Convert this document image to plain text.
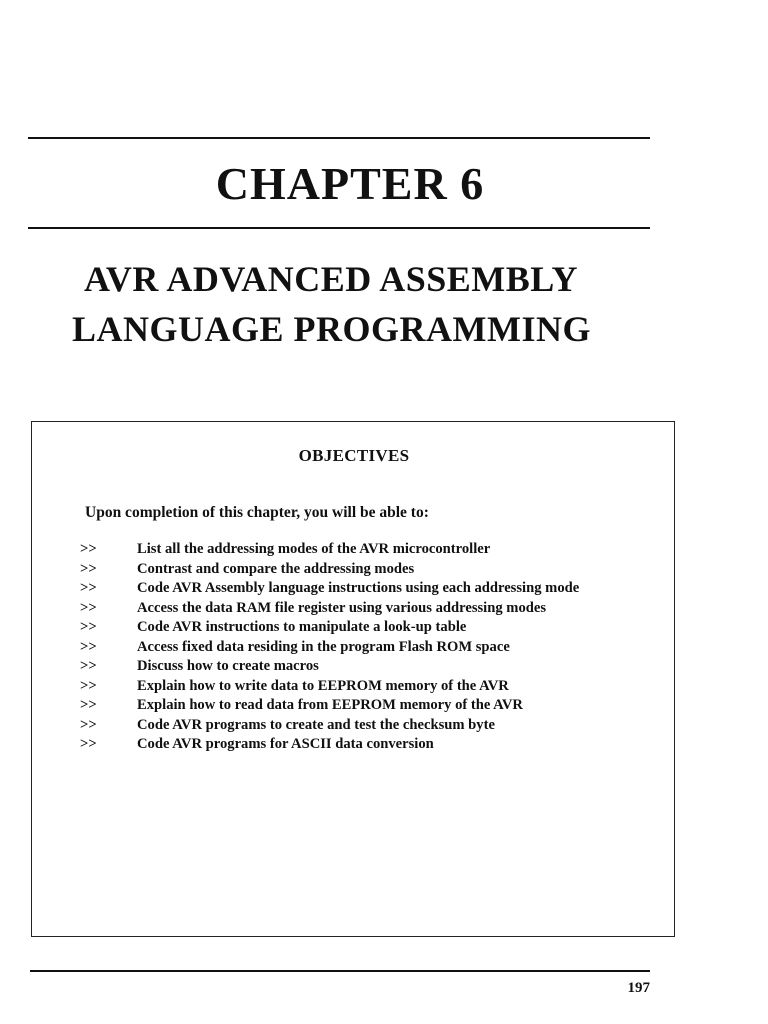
CHAPTER 6
AVR ADVANCED ASSEMBLY
LANGUAGE PROGRAMMING
OBJECTIVES
Upon completion of this chapter, you will be able to:
>>	List all the addressing modes of the AVR microcontroller
>>	Contrast and compare the addressing modes
>>	Code AVR Assembly language instructions using each addressing mode
>>	Access the data RAM file register using various addressing modes
>>	Code AVR instructions to manipulate a look-up table
>>	Access fixed data residing in the program Flash ROM space
>>	Discuss how to create macros
>>	Explain how to write data to EEPROM memory of the AVR
>>	Explain how to read data from EEPROM memory of the AVR
>>	Code AVR programs to create and test the checksum byte
>>	Code AVR programs for ASCII data conversion
197
